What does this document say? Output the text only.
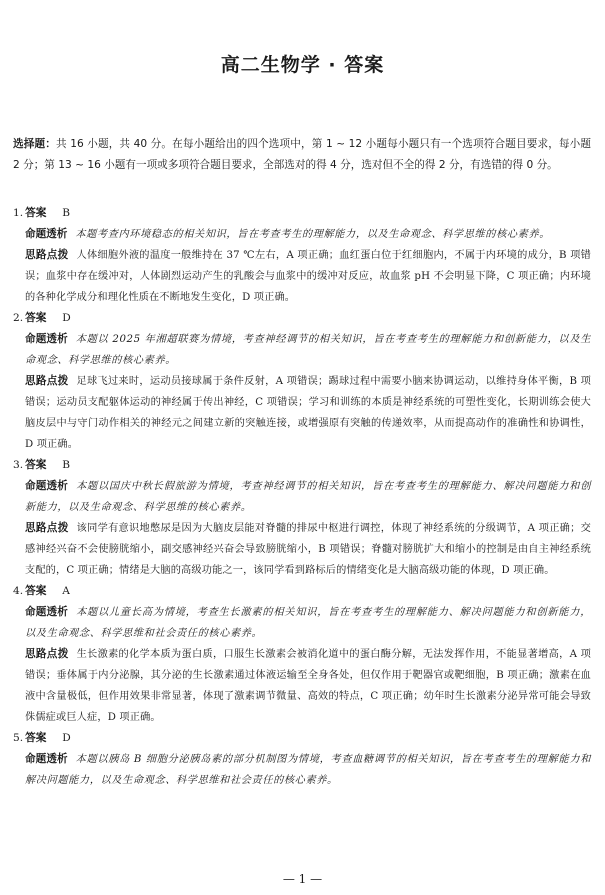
高二生物学 · 答案
选择题：共 16 小题，共 40 分。在每小题给出的四个选项中，第 1 ~ 12 小题每小题只有一个选项符合题目要求，每小题 2 分；第 13 ~ 16 小题有一项或多项符合题目要求，全部选对的得 4 分，选对但不全的得 2 分，有选错的得 0 分。
1. 答案 B
命题透析 本题考查内环境稳态的相关知识，旨在考查考生的理解能力，以及生命观念、科学思维的核心素养。
思路点拨 人体细胞外液的温度一般维持在 37 ℃左右，A 项正确；血红蛋白位于红细胞内，不属于内环境的成分，B 项错误；血浆中存在缓冲对，人体剧烈运动产生的乳酸会与血浆中的缓冲对反应，故血浆 pH 不会明显下降，C 项正确；内环境的各种化学成分和理化性质在不断地发生变化，D 项正确。
2. 答案 D
命题透析 本题以 2025 年湘超联赛为情境，考查神经调节的相关知识，旨在考查考生的理解能力和创新能力，以及生命观念、科学思维的核心素养。
思路点拨 足球飞过来时，运动员接球属于条件反射，A 项错误；踢球过程中需要小脑来协调运动，以维持身体平衡，B 项错误；运动员支配躯体运动的神经属于传出神经，C 项错误；学习和训练的本质是神经系统的可塑性变化，长期训练会使大脑皮层中与守门动作相关的神经元之间建立新的突触连接，或增强原有突触的传递效率，从而提高动作的准确性和协调性，D 项正确。
3. 答案 B
命题透析 本题以国庆中秋长假旅游为情境，考查神经调节的相关知识，旨在考查考生的理解能力、解决问题能力和创新能力，以及生命观念、科学思维的核心素养。
思路点拨 该同学有意识地憋尿是因为大脑皮层能对脊髓的排尿中枢进行调控，体现了神经系统的分级调节，A 项正确；交感神经兴奋不会使膀胱缩小，副交感神经兴奋会导致膀胱缩小，B 项错误；脊髓对膀胱扩大和缩小的控制是由自主神经系统支配的，C 项正确；情绪是大脑的高级功能之一，该同学看到路标后的情绪变化是大脑高级功能的体现，D 项正确。
4. 答案 A
命题透析 本题以儿童长高为情境，考查生长激素的相关知识，旨在考查考生的理解能力、解决问题能力和创新能力，以及生命观念、科学思维和社会责任的核心素养。
思路点拨 生长激素的化学本质为蛋白质，口服生长激素会被消化道中的蛋白酶分解，无法发挥作用，不能显著增高，A 项错误；垂体属于内分泌腺，其分泌的生长激素通过体液运输至全身各处，但仅作用于靶器官或靶细胞，B 项正确；激素在血液中含量极低，但作用效果非常显著，体现了激素调节微量、高效的特点，C 项正确；幼年时生长激素分泌异常可能会导致侏儒症或巨人症，D 项正确。
5. 答案 D
命题透析 本题以胰岛 B 细胞分泌胰岛素的部分机制图为情境，考查血糖调节的相关知识，旨在考查考生的理解能力和解决问题能力，以及生命观念、科学思维和社会责任的核心素养。
— 1 —
